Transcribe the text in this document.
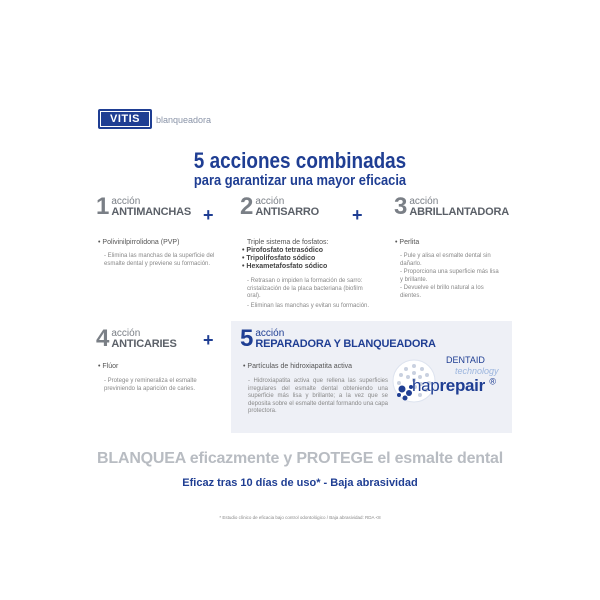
VITIS	blanqueadora
5 acciones combinadas
para garantizar una mayor eficacia
1 acción
ANTIMANCHAS +
• Polivinilpirrolidona (PVP)
- Elimina las manchas de la superficie del esmalte dental y previene su formación.
2 acción
ANTISARRO +
Triple sistema de fosfatos:
• Pirofosfato tetrasódico
• Tripolifosfato sódico
• Hexametafosfato sódico
- Retrasan o impiden la formación de sarro: cristalización de la placa bacteriana (biofilm oral).
- Eliminan las manchas y evitan su formación.
3 acción
ABRILLANTADORA
• Perlita
- Pule y alisa el esmalte dental sin dañarlo.
- Proporciona una superficie más lisa y brillante.
- Devuelve el brillo natural a los dientes.
4 acción
ANTICARIES +
• Flúor
- Protege y remineraliza el esmalte previniendo la aparición de caries.
5 acción
REPARADORA Y BLANQUEADORA
• Partículas de hidroxiapatita activa
- Hidroxiapatita activa que rellena las superficies irregulares del esmalte dental obteniendo una superficie más lisa y brillante; a la vez que se deposita sobre el esmalte dental formando una capa protectora.
DENTAID
technology
haprepair ®
BLANQUEA eficazmente y PROTEGE el esmalte dental
Eficaz tras 10 días de uso* - Baja abrasividad
* Estudio clínico de eficacia bajo control odontológico / Baja abrasividad: RDA <8
